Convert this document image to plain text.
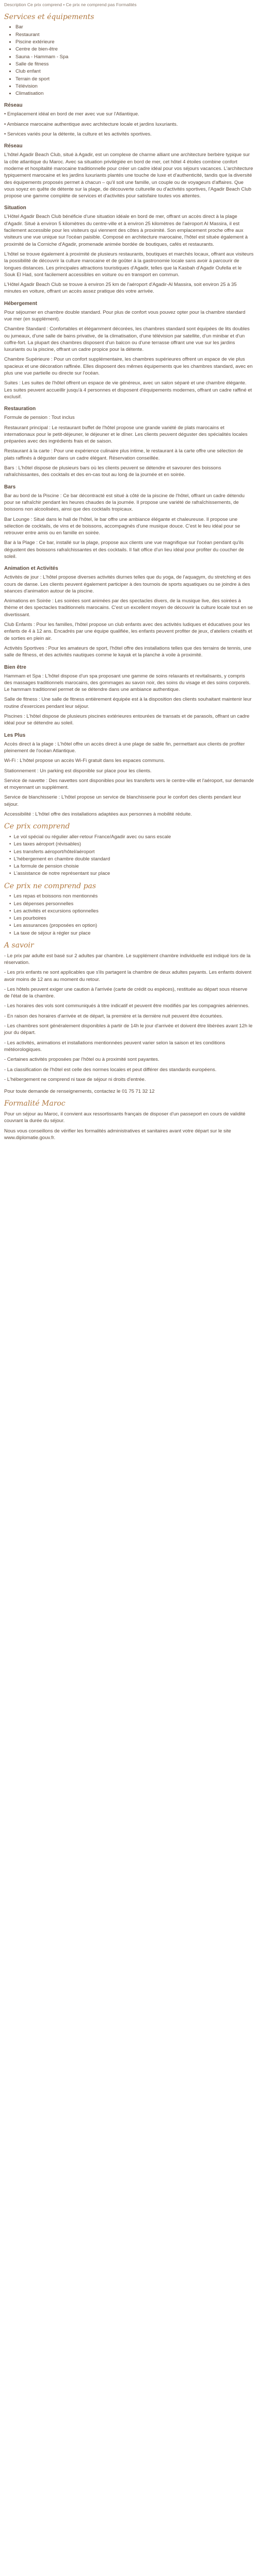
Description Ce prix comprend • Ce prix ne comprend pas Formalités

Services et équipements
• Bar
• Restaurant
• Piscine extérieure
• Centre de bien-être
• Sauna - Hammam - Spa
• Salle de fitness
• Club enfant
• Terrain de sport
• Télévision
• Climatisation
Réseau

• Emplacement idéal en bord de mer avec vue sur l'Atlantique.

• Ambiance marocaine authentique avec architecture locale et jardins luxuriants.

• Services variés pour la détente, la culture et les activités sportives.

Réseau

L'hôtel Agadir Beach Club, situé à Agadir, est un complexe de charme alliant une architecture berbère typique sur la côte atlantique du Maroc. Avec sa situation privilégiée en bord de mer, cet hôtel 4 étoiles combine confort moderne et hospitalité marocaine traditionnelle pour créer un cadre idéal pour vos séjours vacances. L'architecture typiquement marocaine et les jardins luxuriants plantés une touche de luxe et d'authenticité, tandis que la diversité des équipements proposés permet à chacun – qu'il soit une famille, un couple ou de voyageurs d'affaires. Que vous soyez en quête de détente sur la plage, de découverte culturelle ou d'activités sportives, l'Agadir Beach Club propose une gamme complète de services et d'activités pour satisfaire toutes vos attentes.

Situation

L'Hôtel Agadir Beach Club bénéficie d'une situation idéale en bord de mer, offrant un accès direct à la plage d'Agadir. Situé à environ 5 kilomètres du centre-ville et à environ 25 kilomètres de l'aéroport Al Massira, il est facilement accessible pour les visiteurs qui viennent des côtes à proximité. Son emplacement proche offre aux visiteurs une vue unique sur l'océan paisible. Composé en architecture marocaine, l'hôtel est située également à proximité de la Corniche d'Agadir, promenade animée bordée de boutiques, cafés et restaurants.

L'hôtel se trouve également à proximité de plusieurs restaurants, boutiques et marchés locaux, offrant aux visiteurs la possibilité de découvrir la culture marocaine et de goûter à la gastronomie locale sans avoir à parcourir de longues distances. Les principales attractions touristiques d'Agadir, telles que la Kasbah d'Agadir Oufella et le Souk El Had, sont facilement accessibles en voiture ou en transport en commun.

L'Hôtel Agadir Beach Club se trouve à environ 25 km de l'aéroport d'Agadir-Al Massira, soit environ 25 à 35 minutes en voiture, offrant un accès assez pratique dès votre arrivée.

Hébergement

Pour séjourner en chambre double standard. Pour plus de confort vous pouvez opter pour la chambre standard vue mer (en supplément).

Chambre Standard : Confortables et élégamment décorées, les chambres standard sont équipées de lits doubles ou jumeaux, d'une salle de bains privative, de la climatisation, d'une télévision par satellite, d'un minibar et d'un coffre-fort. La plupart des chambres disposent d'un balcon ou d'une terrasse offrant une vue sur les jardins luxuriants ou la piscine, offrant un cadre propice pour la détente.

Chambre Supérieure : Pour un confort supplémentaire, les chambres supérieures offrent un espace de vie plus spacieux et une décoration raffinée. Elles disposent des mêmes équipements que les chambres standard, avec en plus une vue partielle ou directe sur l'océan.

Suites : Les suites de l'hôtel offrent un espace de vie généreux, avec un salon séparé et une chambre élégante. Les suites peuvent accueillir jusqu'à 4 personnes et disposent d'équipements modernes, offrant un cadre raffiné et exclusif.

Restauration

Formule de pension : Tout inclus

Restaurant principal : Le restaurant buffet de l'hôtel propose une grande variété de plats marocains et internationaux pour le petit-déjeuner, le déjeuner et le dîner. Les clients peuvent déguster des spécialités locales préparées avec des ingrédients frais et de saison.

Restaurant à la carte : Pour une expérience culinaire plus intime, le restaurant à la carte offre une sélection de plats raffinés à déguster dans un cadre élégant. Réservation conseillée.

Bars : L'hôtel dispose de plusieurs bars où les clients peuvent se détendre et savourer des boissons rafraîchissantes, des cocktails et des en-cas tout au long de la journée et en soirée.

Bars

Bar au bord de la Piscine : Ce bar décontracté est situé à côté de la piscine de l'hôtel, offrant un cadre détendu pour se rafraîchir pendant les heures chaudes de la journée. Il propose une variété de rafraîchissements, de boissons non alcoolisées, ainsi que des cocktails tropicaux.

Bar Lounge : Situé dans le hall de l'hôtel, le bar offre une ambiance élégante et chaleureuse. Il propose une sélection de cocktails, de vins et de boissons, accompagnés d'une musique douce. C'est le lieu idéal pour se retrouver entre amis ou en famille en soirée.

Bar à la Plage : Ce bar, installé sur la plage, propose aux clients une vue magnifique sur l'océan pendant qu'ils dégustent des boissons rafraîchissantes et des cocktails. Il fait office d'un lieu idéal pour profiter du coucher de soleil.

Animation et Activités

Activités de jour : L'hôtel propose diverses activités diurnes telles que du yoga, de l'aquagym, du stretching et des cours de danse. Les clients peuvent également participer à des tournois de sports aquatiques ou se joindre à des séances d'animation autour de la piscine.

Animations en Soirée : Les soirées sont animées par des spectacles divers, de la musique live, des soirées à thème et des spectacles traditionnels marocains. C'est un excellent moyen de découvrir la culture locale tout en se divertissant.

Club Enfants : Pour les familles, l'hôtel propose un club enfants avec des activités ludiques et éducatives pour les enfants de 4 à 12 ans. Encadrés par une équipe qualifiée, les enfants peuvent profiter de jeux, d'ateliers créatifs et de sorties en plein air.

Activités Sportives : Pour les amateurs de sport, l'hôtel offre des installations telles que des terrains de tennis, une salle de fitness, et des activités nautiques comme le kayak et la planche à voile à proximité.

Bien être

Hammam et Spa : L'hôtel dispose d'un spa proposant une gamme de soins relaxants et revitalisants, y compris des massages traditionnels marocains, des gommages au savon noir, des soins du visage et des soins corporels. Le hammam traditionnel permet de se détendre dans une ambiance authentique.

Salle de fitness : Une salle de fitness entièrement équipée est à la disposition des clients souhaitant maintenir leur routine d'exercices pendant leur séjour.

Piscines : L'hôtel dispose de plusieurs piscines extérieures entourées de transats et de parasols, offrant un cadre idéal pour se détendre au soleil.

Les Plus

Accès direct à la plage : L'hôtel offre un accès direct à une plage de sable fin, permettant aux clients de profiter pleinement de l'océan Atlantique.

Wi-Fi : L'hôtel propose un accès Wi-Fi gratuit dans les espaces communs.

Stationnement : Un parking est disponible sur place pour les clients.

Service de navette : Des navettes sont disponibles pour les transferts vers le centre-ville et l'aéroport, sur demande et moyennant un supplément.

Service de blanchisserie : L'hôtel propose un service de blanchisserie pour le confort des clients pendant leur séjour.

Accessibilité : L'hôtel offre des installations adaptées aux personnes à mobilité réduite.

Ce prix comprend
•  Le vol spécial ou régulier aller-retour France/Agadir avec ou sans escale
•  Les taxes aéroport (révisables)
•  Les transferts aéroport/hôtel/aéroport
•  L'hébergement en chambre double standard
•  La formule de pension choisie
•  L'assistance de notre représentant sur place
Ce prix ne comprend pas
•  Les repas et boissons non mentionnés
•  Les dépenses personnelles
•  Les activités et excursions optionnelles
•  Les pourboires
•  Les assurances (proposées en option)
•  La taxe de séjour à régler sur place
A savoir

- Le prix par adulte est basé sur 2 adultes par chambre. Le supplément chambre individuelle est indiqué lors de la réservation.

- Les prix enfants ne sont applicables que s'ils partagent la chambre de deux adultes payants. Les enfants doivent avoir moins de 12 ans au moment du retour.

- Les hôtels peuvent exiger une caution à l'arrivée (carte de crédit ou espèces), restituée au départ sous réserve de l'état de la chambre.

- Les horaires des vols sont communiqués à titre indicatif et peuvent être modifiés par les compagnies aériennes.

- En raison des horaires d'arrivée et de départ, la première et la dernière nuit peuvent être écourtées.

- Les chambres sont généralement disponibles à partir de 14h le jour d'arrivée et doivent être libérées avant 12h le jour du départ.

- Les activités, animations et installations mentionnées peuvent varier selon la saison et les conditions météorologiques.

- Certaines activités proposées par l'hôtel ou à proximité sont payantes.

- La classification de l'hôtel est celle des normes locales et peut différer des standards européens.

- L'hébergement ne comprend ni taxe de séjour ni droits d'entrée.

Pour toute demande de renseignements, contactez le 01 75 71 32 12

Formalité Maroc

Pour un séjour au Maroc, il convient aux ressortissants français de disposer d'un passeport en cours de validité couvrant la durée du séjour.

Nous vous conseillons de vérifier les formalités administratives et sanitaires avant votre départ sur le site www.diplomatie.gouv.fr.
